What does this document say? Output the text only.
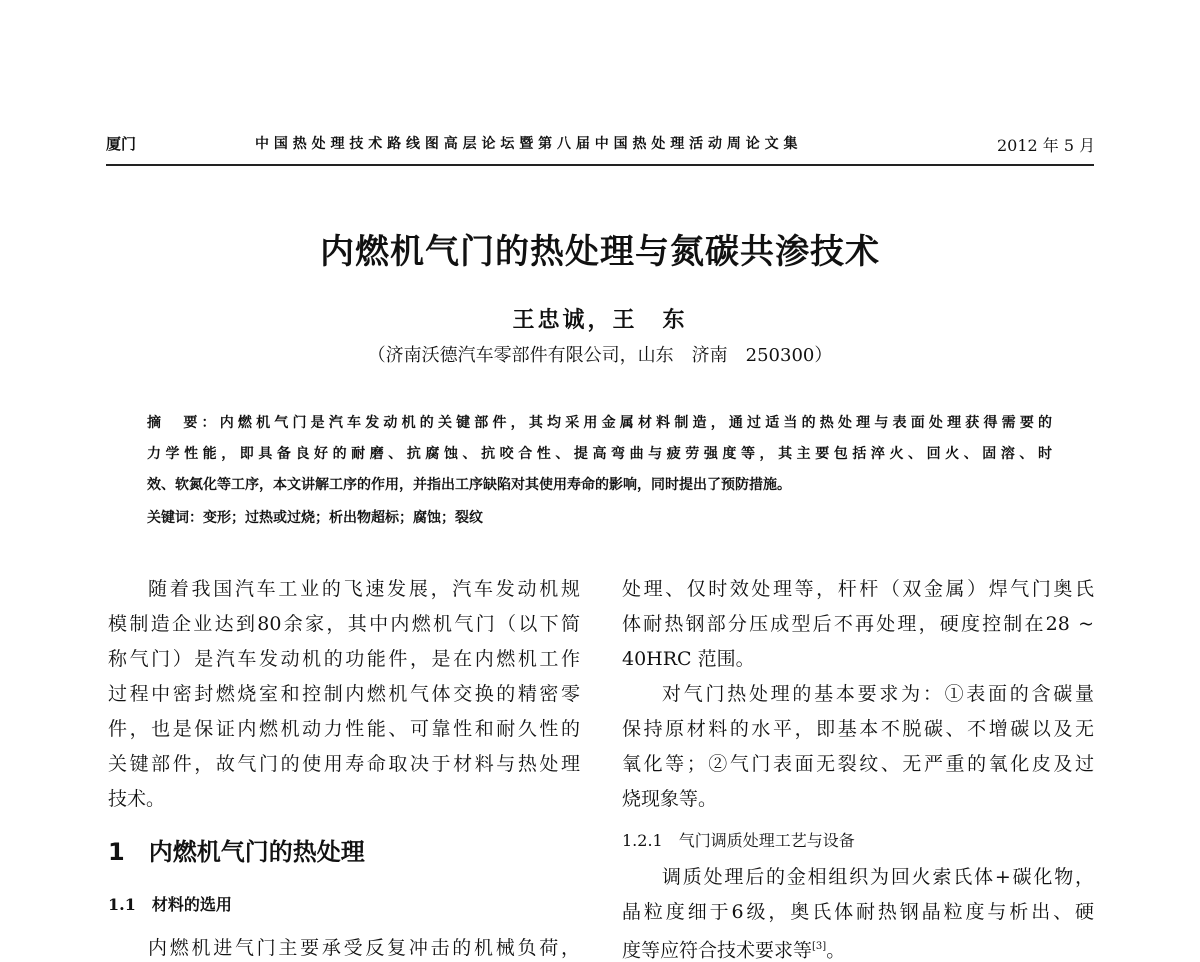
厦门	中 国 热 处 理 技 术 路 线 图 高 层 论 坛 暨 第 八 届 中 国 热 处 理 活 动 周 论 文 集	2012 年 5 月
内燃机气门的热处理与氮碳共渗技术
王忠诚，王　东
（济南沃德汽车零部件有限公司，山东　济南　250300）
摘　要：内燃机气门是汽车发动机的关键部件，其均采用金属材料制造，通过适当的热处理与表面处理获得需要的
力学性能，即具备良好的耐磨、抗腐蚀、抗咬合性、提高弯曲与疲劳强度等，其主要包括淬火、回火、固溶、时
效、软氮化等工序，本文讲解工序的作用，并指出工序缺陷对其使用寿命的影响，同时提出了预防措施。
关键词：变形；过热或过烧；析出物超标；腐蚀；裂纹
随着我国汽车工业的飞速发展，汽车发动机规
模制造企业达到80余家，其中内燃机气门（以下简
称气门）是汽车发动机的功能件，是在内燃机工作
过程中密封燃烧室和控制内燃机气体交换的精密零
件，也是保证内燃机动力性能、可靠性和耐久性的
关键部件，故气门的使用寿命取决于材料与热处理
技术。
1　内燃机气门的热处理
1.1　材料的选用
内燃机进气门主要承受反复冲击的机械负荷，
处理、仅时效处理等，杆杆（双金属）焊气门奥氏
体耐热钢部分压成型后不再处理，硬度控制在28 ~
40HRC 范围。
对气门热处理的基本要求为：①表面的含碳量
保持原材料的水平，即基本不脱碳、不增碳以及无
氧化等；②气门表面无裂纹、无严重的氧化皮及过
烧现象等。
1.2.1　气门调质处理工艺与设备
调质处理后的金相组织为回火索氏体+碳化物，
晶粒度细于6级，奥氏体耐热钢晶粒度与析出、硬
度等应符合技术要求等[3]。
